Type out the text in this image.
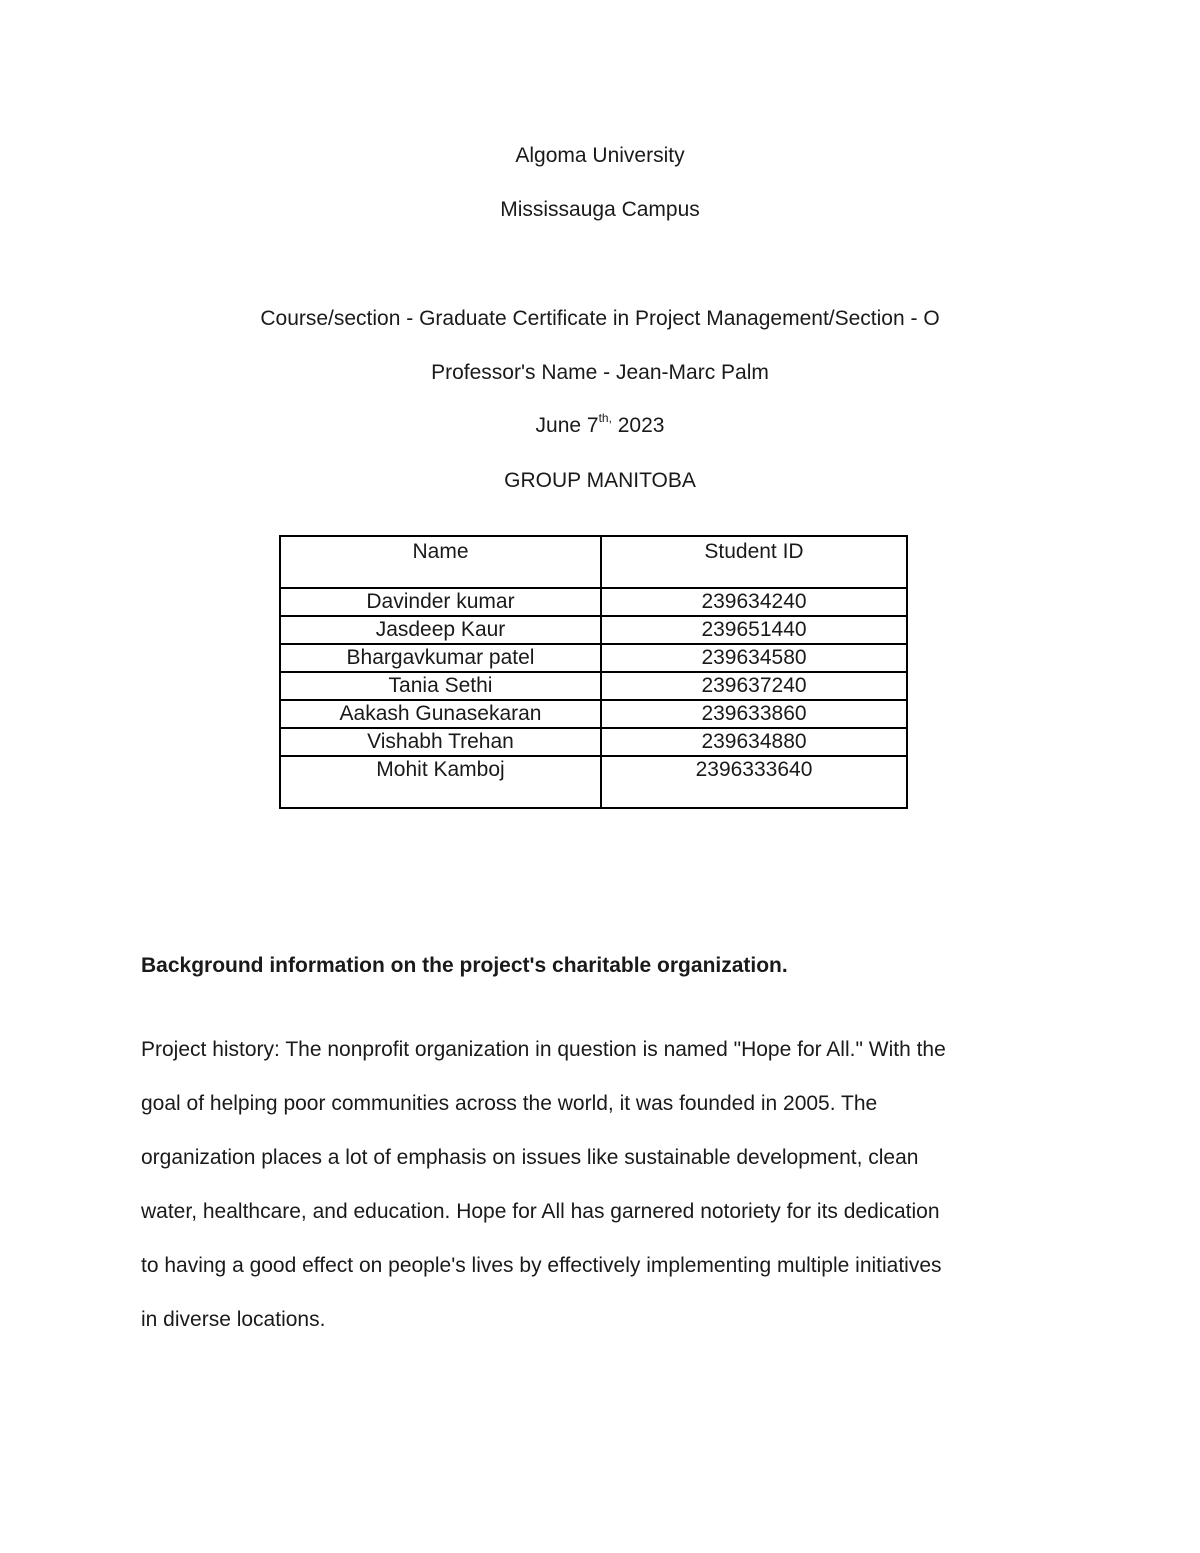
Algoma University
Mississauga Campus
Course/section - Graduate Certificate in Project Management/Section - O
Professor's Name - Jean-Marc Palm
June $7^{th,}$ 2023
GROUP MANITOBA
Name	Student ID
Davinder kumar	239634240
Jasdeep Kaur	239651440
Bhargavkumar patel	239634580
Tania Sethi	239637240
Aakash Gunasekaran	239633860
Vishabh Trehan	239634880
Mohit Kamboj	2396333640
Background information on the project's charitable organization.
Project history: The nonprofit organization in question is named "Hope for All." With the
goal of helping poor communities across the world, it was founded in 2005. The
organization places a lot of emphasis on issues like sustainable development, clean
water, healthcare, and education. Hope for All has garnered notoriety for its dedication
to having a good effect on people's lives by effectively implementing multiple initiatives
in diverse locations.
